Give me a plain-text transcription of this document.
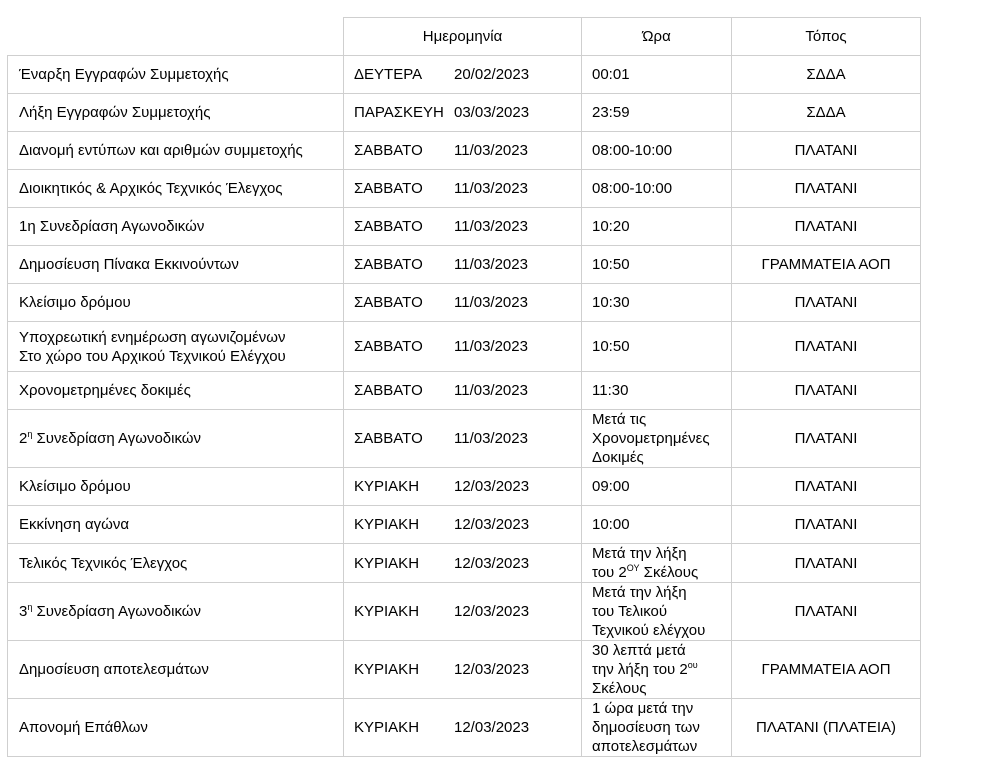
	Ημερομηνία	Ώρα	Τόπος
Έναρξη Εγγραφών Συμμετοχής	ΔΕΥΤΕΡΑ 20/02/2023	00:01	ΣΔΔΑ
Λήξη Εγγραφών Συμμετοχής	ΠΑΡΑΣΚΕΥΗ 03/03/2023	23:59	ΣΔΔΑ
Διανομή εντύπων και αριθμών συμμετοχής	ΣΑΒΒΑΤΟ 11/03/2023	08:00-10:00	ΠΛΑΤΑΝΙ
Διοικητικός & Αρχικός Τεχνικός Έλεγχος	ΣΑΒΒΑΤΟ 11/03/2023	08:00-10:00	ΠΛΑΤΑΝΙ
1η Συνεδρίαση Αγωνοδικών	ΣΑΒΒΑΤΟ 11/03/2023	10:20	ΠΛΑΤΑΝΙ
Δημοσίευση Πίνακα Εκκινούντων	ΣΑΒΒΑΤΟ 11/03/2023	10:50	ΓΡΑΜΜΑΤΕΙΑ ΑΟΠ
Κλείσιμο δρόμου	ΣΑΒΒΑΤΟ 11/03/2023	10:30	ΠΛΑΤΑΝΙ
Υποχρεωτική ενημέρωση αγωνιζομένων
Στο χώρο του Αρχικού Τεχνικού Ελέγχου	ΣΑΒΒΑΤΟ 11/03/2023	10:50	ΠΛΑΤΑΝΙ
Χρονομετρημένες δοκιμές	ΣΑΒΒΑΤΟ 11/03/2023	11:30	ΠΛΑΤΑΝΙ
$2^\eta$ Συνεδρίαση Αγωνοδικών	ΣΑΒΒΑΤΟ 11/03/2023	Μετά τις
Χρονομετρημένες
Δοκιμές	ΠΛΑΤΑΝΙ
Κλείσιμο δρόμου	ΚΥΡΙΑΚΗ 12/03/2023	09:00	ΠΛΑΤΑΝΙ
Εκκίνηση αγώνα	ΚΥΡΙΑΚΗ 12/03/2023	10:00	ΠΛΑΤΑΝΙ
Τελικός Τεχνικός Έλεγχος	ΚΥΡΙΑΚΗ 12/03/2023	Μετά την λήξη
του $2^{O\Upsilon}$ Σκέλους	ΠΛΑΤΑΝΙ
$3^\eta$ Συνεδρίαση Αγωνοδικών	ΚΥΡΙΑΚΗ 12/03/2023	Μετά την λήξη
του Τελικού
Τεχνικού ελέγχου	ΠΛΑΤΑΝΙ
Δημοσίευση αποτελεσμάτων	ΚΥΡΙΑΚΗ 12/03/2023	30 λεπτά μετά
την λήξη του $2^{o\upsilon}$
Σκέλους	ΓΡΑΜΜΑΤΕΙΑ ΑΟΠ
Απονομή Επάθλων	ΚΥΡΙΑΚΗ 12/03/2023	1 ώρα μετά την
δημοσίευση των
αποτελεσμάτων	ΠΛΑΤΑΝΙ (ΠΛΑΤΕΙΑ)
